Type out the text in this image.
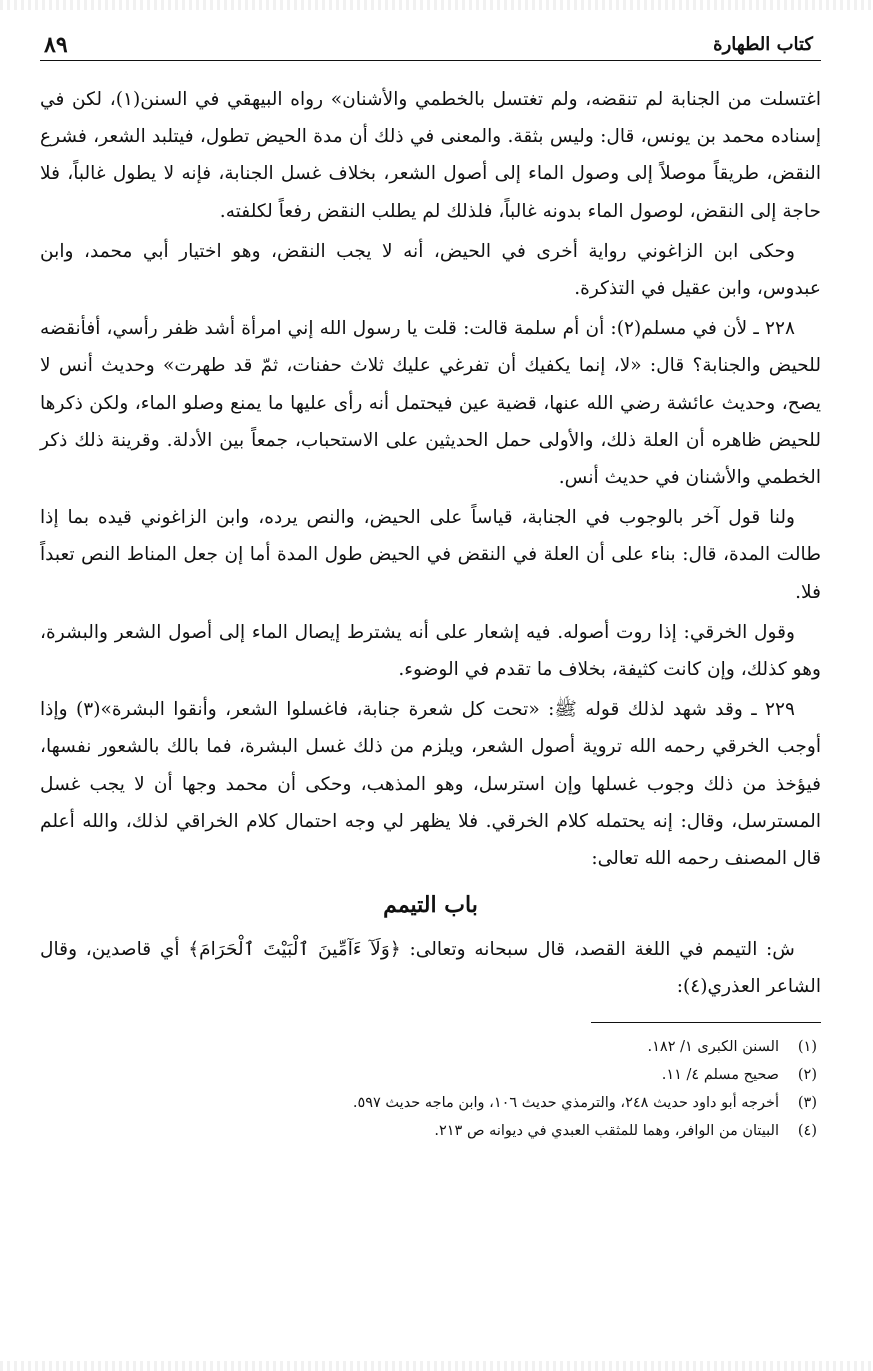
كتاب الطهارة
٨٩

اغتسلت من الجنابة لم تنقضه، ولم تغتسل بالخطمي والأشنان» رواه البيهقي في السنن(١)، لكن في إسناده محمد بن يونس، قال: وليس بثقة. والمعنى في ذلك أن مدة الحيض تطول، فيتلبد الشعر، فشرع النقض، طريقاً موصلاً إلى وصول الماء إلى أصول الشعر، بخلاف غسل الجنابة، فإنه لا يطول غالباً، فلا حاجة إلى النقض، لوصول الماء بدونه غالباً، فلذلك لم يطلب النقض رفعاً لكلفته.

وحكى ابن الزاغوني رواية أخرى في الحيض، أنه لا يجب النقض، وهو اختيار أبي محمد، وابن عبدوس، وابن عقيل في التذكرة.

٢٢٨ ـ لأن في مسلم(٢): أن أم سلمة قالت: قلت يا رسول الله إني امرأة أشد ظفر رأسي، أفأنقضه للحيض والجنابة؟ قال: «لا، إنما يكفيك أن تفرغي عليك ثلاث حفنات، ثمّ قد طهرت» وحديث أنس لا يصح، وحديث عائشة رضي الله عنها، قضية عين فيحتمل أنه رأى عليها ما يمنع وصلو الماء، ولكن ذكرها للحيض ظاهره أن العلة ذلك، والأولى حمل الحديثين على الاستحباب، جمعاً بين الأدلة. وقرينة ذلك ذكر الخطمي والأشنان في حديث أنس.

ولنا قول آخر بالوجوب في الجنابة، قياساً على الحيض، والنص يرده، وابن الزاغوني قيده بما إذا طالت المدة، قال: بناء على أن العلة في النقض في الحيض طول المدة أما إن جعل المناط النص تعبداً فلا.

وقول الخرقي: إذا روت أصوله. فيه إشعار على أنه يشترط إيصال الماء إلى أصول الشعر والبشرة، وهو كذلك، وإن كانت كثيفة، بخلاف ما تقدم في الوضوء.

٢٢٩ ـ وقد شهد لذلك قوله ﷺ: «تحت كل شعرة جنابة، فاغسلوا الشعر، وأنقوا البشرة»(٣) وإذا أوجب الخرقي رحمه الله تروية أصول الشعر، ويلزم من ذلك غسل البشرة، فما بالك بالشعور نفسها، فيؤخذ من ذلك وجوب غسلها وإن استرسل، وهو المذهب، وحكى أن محمد وجها أن لا يجب غسل المسترسل، وقال: إنه يحتمله كلام الخرقي. فلا يظهر لي وجه احتمال كلام الخراقي لذلك، والله أعلم قال المصنف رحمه الله تعالى:

باب التيمم

ش: التيمم في اللغة القصد، قال سبحانه وتعالى: ﴿وَلَآ ءَآمِّينَ ٱلْبَيْتَ ٱلْحَرَامَ﴾ أي قاصدين، وقال الشاعر العذري(٤):

(١)
السنن الكبرى ١/ ١٨٢.
(٢)
صحيح مسلم ٤/ ١١.
(٣)
أخرجه أبو داود حديث ٢٤٨، والترمذي حديث ١٠٦، وابن ماجه حديث ٥٩٧.
(٤)
البيتان من الوافر، وهما للمثقب العبدي في ديوانه ص ٢١٣.
